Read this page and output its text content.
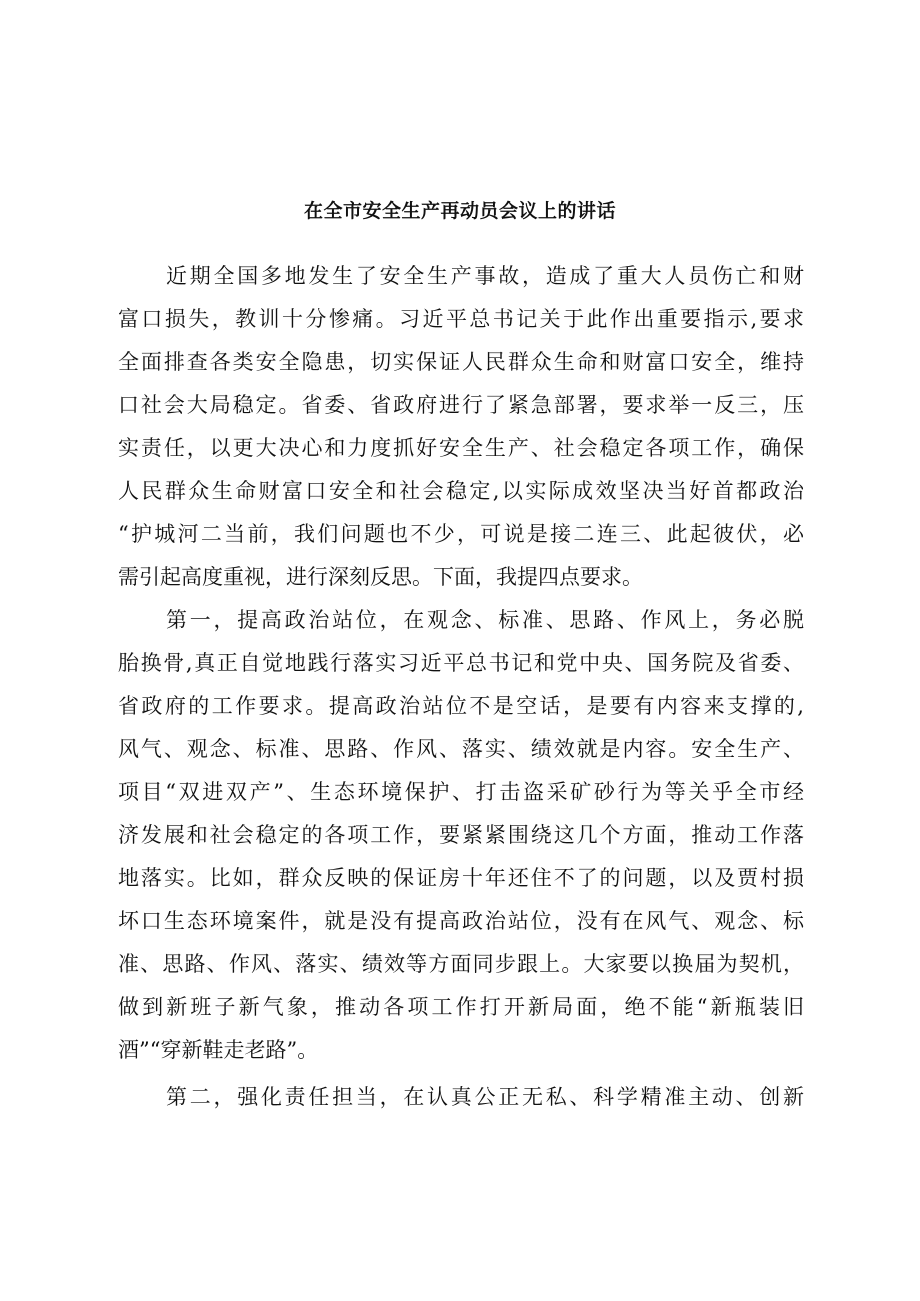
在全市安全生产再动员会议上的讲话
近期全国多地发生了安全生产事故，造成了重大人员伤亡和财
富口损失，教训十分惨痛。习近平总书记关于此作出重要指示,要求
全面排查各类安全隐患，切实保证人民群众生命和财富口安全，维持
口社会大局稳定。省委、省政府进行了紧急部署，要求举一反三，压
实责任，以更大决心和力度抓好安全生产、社会稳定各项工作，确保
人民群众生命财富口安全和社会稳定,以实际成效坚决当好首都政治
“护城河二当前，我们问题也不少，可说是接二连三、此起彼伏，必
需引起高度重视，进行深刻反思。下面，我提四点要求。
第一，提高政治站位，在观念、标准、思路、作风上，务必脱
胎换骨,真正自觉地践行落实习近平总书记和党中央、国务院及省委、
省政府的工作要求。提高政治站位不是空话，是要有内容来支撑的,
风气、观念、标准、思路、作风、落实、绩效就是内容。安全生产、
项目“双进双产”、生态环境保护、打击盗采矿砂行为等关乎全市经
济发展和社会稳定的各项工作，要紧紧围绕这几个方面，推动工作落
地落实。比如，群众反映的保证房十年还住不了的问题，以及贾村损
坏口生态环境案件，就是没有提高政治站位，没有在风气、观念、标
准、思路、作风、落实、绩效等方面同步跟上。大家要以换届为契机，
做到新班子新气象，推动各项工作打开新局面，绝不能“新瓶装旧
酒”“穿新鞋走老路”。
第二，强化责任担当，在认真公正无私、科学精准主动、创新
